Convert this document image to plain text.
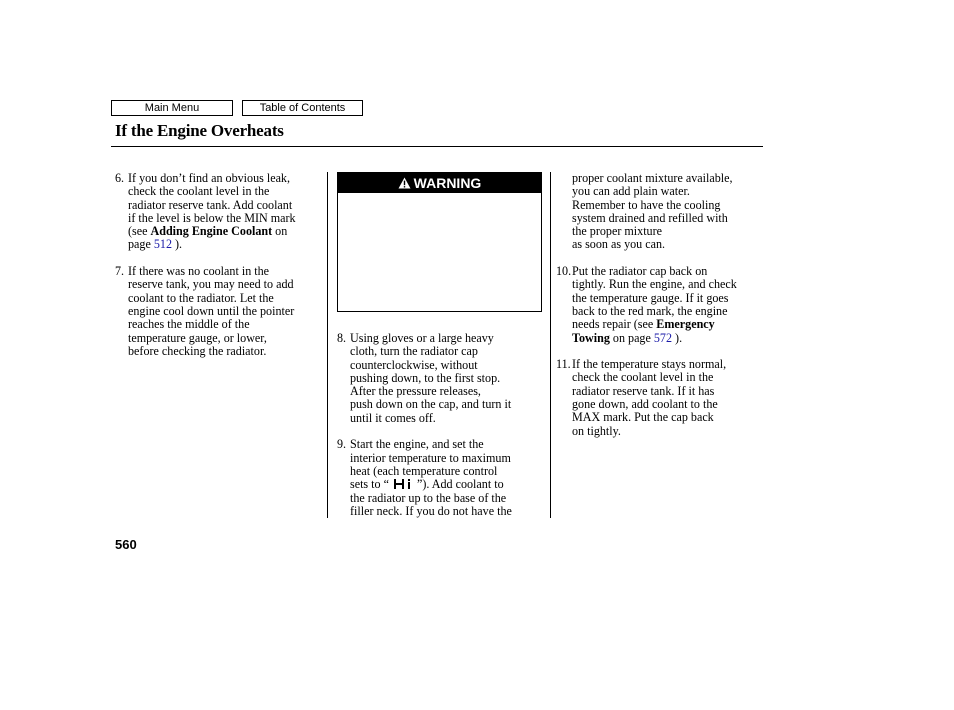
Main Menu	Table of Contents
If the Engine Overheats
6. If you don’t find an obvious leak,
check the coolant level in the
radiator reserve tank. Add coolant
if the level is below the MIN mark
(see Adding Engine Coolant on
page 512 ).
7. If there was no coolant in the
reserve tank, you may need to add
coolant to the radiator. Let the
engine cool down until the pointer
reaches the middle of the
temperature gauge, or lower,
before checking the radiator.
WARNING
8. Using gloves or a large heavy
cloth, turn the radiator cap
counterclockwise, without
pushing down, to the first stop.
After the pressure releases,
push down on the cap, and turn it
until it comes off.
9. Start the engine, and set the
interior temperature to maximum
heat (each temperature control
sets to “ ”). Add coolant to
the radiator up to the base of the
filler neck. If you do not have the
proper coolant mixture available,
you can add plain water.
Remember to have the cooling
system drained and refilled with
the proper mixture
as soon as you can.
10. Put the radiator cap back on
tightly. Run the engine, and check
the temperature gauge. If it goes
back to the red mark, the engine
needs repair (see Emergency
Towing on page 572 ).
11. If the temperature stays normal,
check the coolant level in the
radiator reserve tank. If it has
gone down, add coolant to the
MAX mark. Put the cap back
on tightly.
560
